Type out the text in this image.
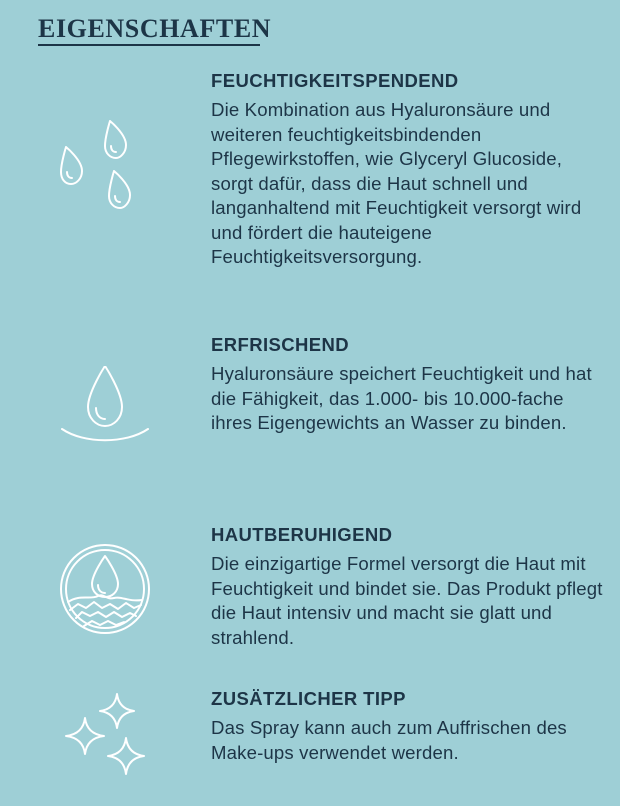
EIGENSCHAFTEN
FEUCHTIGKEITSPENDEND

Die Kombination aus Hyaluronsäure und weiteren feuchtigkeitsbindenden Pflegewirkstoffen, wie Glyceryl Glucoside, sorgt dafür, dass die Haut schnell und langanhaltend mit Feuchtigkeit versorgt wird und fördert die hauteigene Feuchtigkeitsversorgung.

ERFRISCHEND

Hyaluronsäure speichert Feuchtigkeit und hat die Fähigkeit, das 1.000- bis 10.000-fache ihres Eigengewichts an Wasser zu binden.

HAUTBERUHIGEND

Die einzigartige Formel versorgt die Haut mit Feuchtigkeit und bindet sie. Das Produkt pflegt die Haut intensiv und macht sie glatt und strahlend.

ZUSÄTZLICHER TIPP

Das Spray kann auch zum Auffrischen des Make-ups verwendet werden.
